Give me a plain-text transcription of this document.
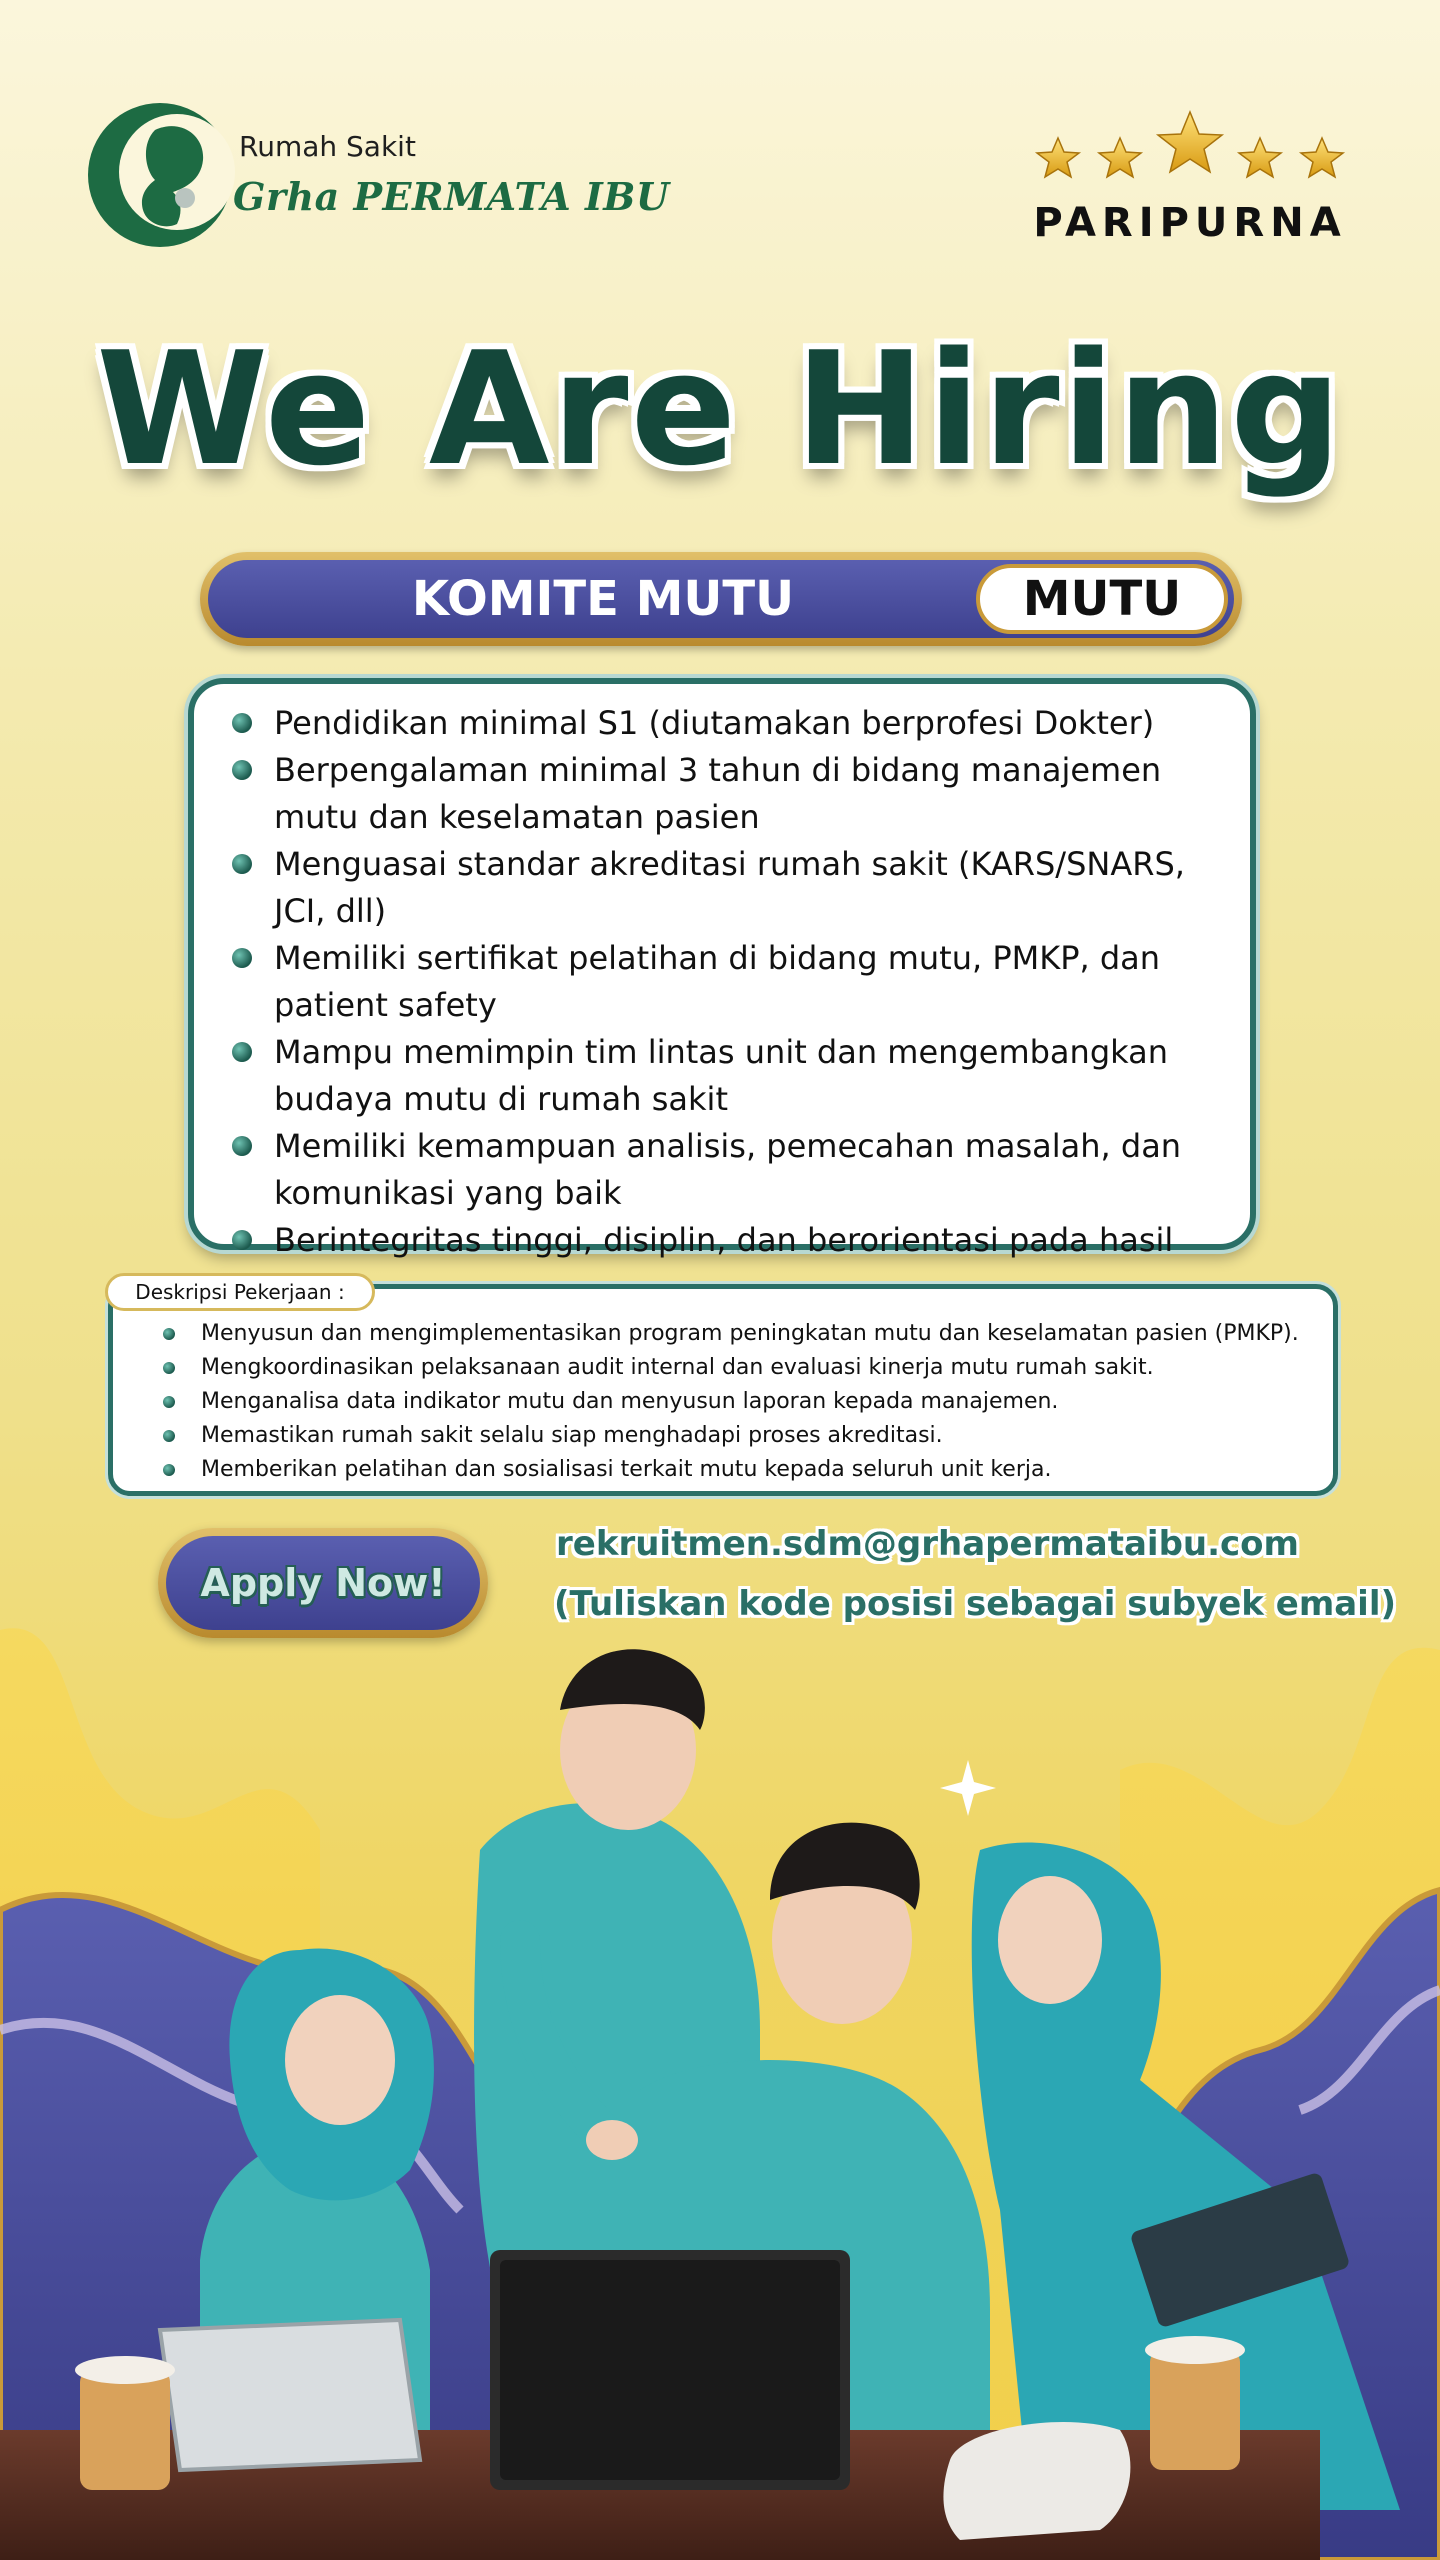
Rumah Sakit
Grha PERMATA IBU
PARIPURNA
We Are Hiring
KOMITE MUTU	MUTU
Pendidikan minimal S1 (diutamakan berprofesi Dokter)
Berpengalaman minimal 3 tahun di bidang manajemen mutu dan keselamatan pasien
Menguasai standar akreditasi rumah sakit (KARS/SNARS, JCI, dll)
Memiliki sertifikat pelatihan di bidang mutu, PMKP, dan patient safety
Mampu memimpin tim lintas unit dan mengembangkan budaya mutu di rumah sakit
Memiliki kemampuan analisis, pemecahan masalah, dan komunikasi yang baik
Berintegritas tinggi, disiplin, dan berorientasi pada hasil
Deskripsi Pekerjaan :
Menyusun dan mengimplementasikan program peningkatan mutu dan keselamatan pasien (PMKP).
Mengkoordinasikan pelaksanaan audit internal dan evaluasi kinerja mutu rumah sakit.
Menganalisa data indikator mutu dan menyusun laporan kepada manajemen.
Memastikan rumah sakit selalu siap menghadapi proses akreditasi.
Memberikan pelatihan dan sosialisasi terkait mutu kepada seluruh unit kerja.
Apply Now!
rekruitmen.sdm@grhapermataibu.com
(Tuliskan kode posisi sebagai subyek email)
